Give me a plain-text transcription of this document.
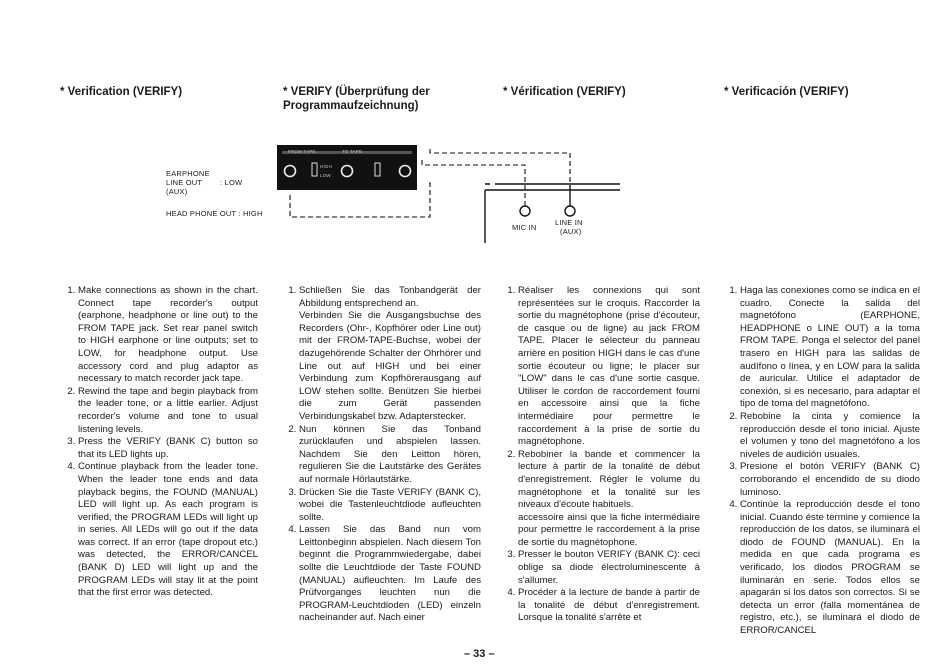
* Verification (VERIFY)	* VERIFY (Überprüfung der Programmaufzeichnung)
* Vérification (VERIFY)	* Verificación (VERIFY)
EARPHONE
LINE OUT : LOW
(AUX)
HEAD PHONE OUT : HIGH
FROM TAPE	TO TAPE
HIGH
LOW
MIC IN
LINE IN
(AUX)
1. Make connections as shown in the chart. Connect tape recorder's output (earphone, headphone or line out) to the FROM TAPE jack. Set rear panel switch to HIGH earphone or line outputs; set to LOW, for headphone output. Use accessory cord and plug adaptor as necessary to match recorder jack tape.
2. Rewind the tape and begin playback from the leader tone, or a little earlier. Adjust recorder's volume and tone to usual listening levels.
3. Press the VERIFY (BANK C) button so that its LED lights up.
4. Continue playback from the leader tone. When the leader tone ends and data playback begins, the FOUND (MANUAL) LED will light up. As each program is verified, the PROGRAM LEDs will light up in series. All LEDs will go out if the data was correct. If an error (tape dropout etc.) was detected, the ERROR/CANCEL (BANK D) LED will light up and the PROGRAM LEDs will stay lit at the point that the first error was detected.

1. Schließen Sie das Tonbandgerät der Abbildung entsprechend an.

Verbinden Sie die Ausgangsbuchse des Recorders (Ohr-, Kopfhörer oder Line out) mit der FROM-TAPE-Buchse, wobei der dazugehörende Schalter der Ohrhörer und Line out auf HIGH und bei einer Verbindung zum Kopfhörerausgang auf LOW stehen sollte. Benützen Sie hierbei die zum Gerät passenden Verbindungskabel bzw. Adapterstecker.

2. Nun können Sie das Tonband zurücklaufen und abspielen lassen. Nachdem Sie den Leitton hören, regulieren Sie die Lautstärke des Gerätes auf normale Hörlautstärke.

3. Drücken Sie die Taste VERIFY (BANK C), wobei die Tastenleuchtdiode aufleuchten sollte.

4. Lassen Sie das Band nun vom Leittonbeginn abspielen. Nach diesem Ton beginnt die Programmwiedergabe, dabei sollte die Leuchtdiode der Taste FOUND (MANUAL) aufleuchten. Im Laufe des Prüfvorganges leuchten nun die PROGRAM-Leuchtdioden (LED) einzeln nacheinander auf. Nach einer

1. Réaliser les connexions qui sont représentées sur le croquis. Raccorder la sortie du magnétophone (prise d'écouteur, de casque ou de ligne) au jack FROM TAPE. Placer le sélecteur du panneau arrière en position HIGH dans le cas d'une sortie écouteur ou ligne; le placer sur "LOW" dans le cas d'une sortie casque. Utiliser le cordon de raccordement fourni en accessoire ainsi que la fiche intermédiaire pour permettre le raccordement à la prise de sortie du magnétophone.

2. Rebobiner la bande et commencer la lecture à partir de la tonalité de début d'enregistrement. Régler le volume du magnétophone et la tonalité sur les niveaux d'écoute habituels.

accessoire ainsi que la fiche intermédiaire pour permettre le raccordement à la prise de sortie du magnétophone.

3. Presser le bouton VERIFY (BANK C): ceci oblige sa diode électroluminescente à s'allumer.

4. Procéder à la lecture de bande à partir de la tonalité de début d'enregistrement. Lorsque la tonalité s'arrête et

1. Haga las conexiones como se indica en el cuadro. Conecte la salida del magnetófono (EARPHONE, HEADPHONE o LINE OUT) a la toma FROM TAPE. Ponga el selector del panel trasero en HIGH para las salidas de audífono o línea, y en LOW para la salida de auricular. Utilice el adaptador de conexión, si es necesario, para adaptar el tipo de toma del magnetófono.
2. Rebobine la cinta y comience la reproducción desde el tono inicial. Ajuste el volumen y tono del magnetófono a los niveles de audición usuales.
3. Presione el botón VERIFY (BANK C) corroborando el encendido de su diodo luminoso.
4. Continúe la reproducción desde el tono inicial. Cuando éste termine y comience la reproducción de los datos, se iluminará el diodo de FOUND (MANUAL). En la medida en que cada programa es verificado, los diodos PROGRAM se iluminarán en serie. Todos ellos se apagarán si los datos son correctos. Si se detecta un error (falla momentánea de registro, etc.), se iluminará el diodo de ERROR/CANCEL
– 33 –
